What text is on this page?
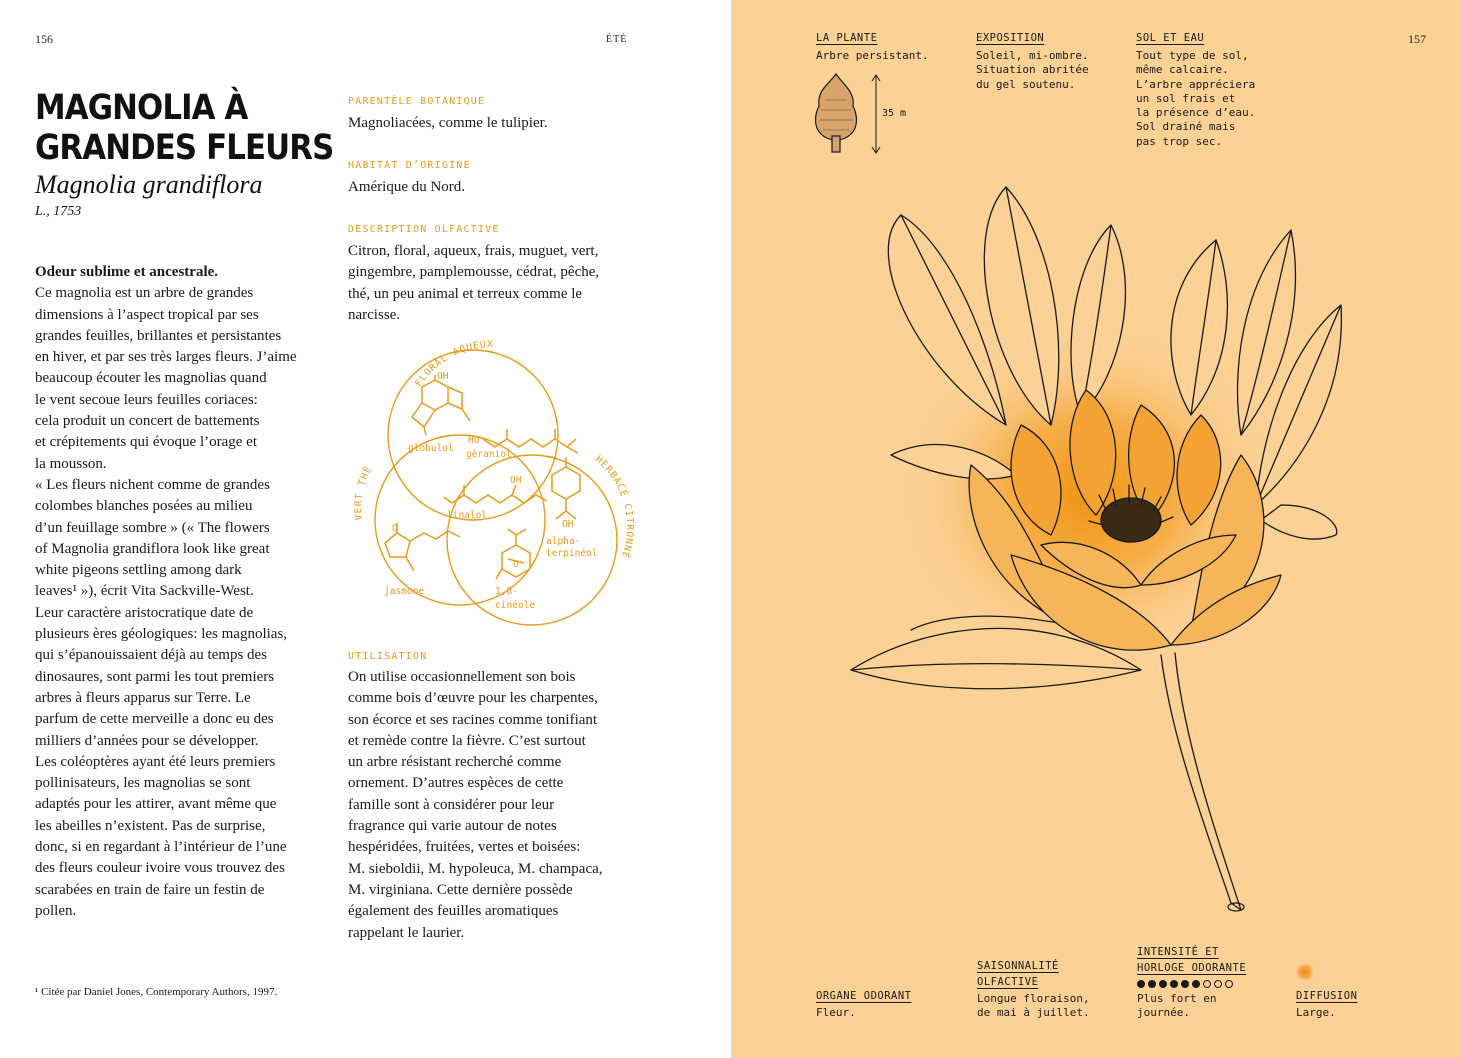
156	ÉTÉ
MAGNOLIA À
GRANDES FLEURS
Magnolia grandiflora
L., 1753
Odeur sublime et ancestrale.
Ce magnolia est un arbre de grandes
dimensions à l’aspect tropical par ses
grandes feuilles, brillantes et persistantes
en hiver, et par ses très larges fleurs. J’aime
beaucoup écouter les magnolias quand
le vent secoue leurs feuilles coriaces:
cela produit un concert de battements
et crépitements qui évoque l’orage et
la mousson.
« Les fleurs nichent comme de grandes
colombes blanches posées au milieu
d’un feuillage sombre » (« The flowers
of Magnolia grandiflora look like great
white pigeons settling among dark
leaves¹ »), écrit Vita Sackville-West.
Leur caractère aristocratique date de
plusieurs ères géologiques: les magnolias,
qui s’épanouissaient déjà au temps des
dinosaures, sont parmi les tout premiers
arbres à fleurs apparus sur Terre. Le
parfum de cette merveille a donc eu des
milliers d’années pour se développer.
Les coléoptères ayant été leurs premiers
pollinisateurs, les magnolias se sont
adaptés pour les attirer, avant même que
les abeilles n’existent. Pas de surprise,
donc, si en regardant à l’intérieur de l’une
des fleurs couleur ivoire vous trouvez des
scarabées en train de faire un festin de
pollen.
PARENTÈLE BOTANIQUE
Magnoliacées, comme le tulipier.
HABITAT D’ORIGINE
Amérique du Nord.
DESCRIPTION OLFACTIVE
Citron, floral, aqueux, frais, muguet, vert,
gingembre, pamplemousse, cédrat, pêche,
thé, un peu animal et terreux comme le
narcisse.
FLORAL AQUEUX
VERT THÉ
HERBACÉ CITRONNÉ
globulol
géraniol
linalol
alpha-
terpinéol
jasmone	1,8-
cinéole
OH
HO
OH
OH
O
O
UTILISATION
On utilise occasionnellement son bois
comme bois d’œuvre pour les charpentes,
son écorce et ses racines comme tonifiant
et remède contre la fièvre. C’est surtout
un arbre résistant recherché comme
ornement. D’autres espèces de cette
famille sont à considérer pour leur
fragrance qui varie autour de notes
hespéridées, fruitées, vertes et boisées:
M. sieboldii, M. hypoleuca, M. champaca,
M. virginiana. Cette dernière possède
également des feuilles aromatiques
rappelant le laurier.
¹ Citée par Daniel Jones, Contemporary Authors, 1997.
157
LA PLANTE
Arbre persistant.
35 m
EXPOSITION
Soleil, mi-ombre.
Situation abritée
du gel soutenu.
SOL ET EAU
Tout type de sol,
même calcaire.
L’arbre appréciera
un sol frais et
la présence d’eau.
Sol drainé mais
pas trop sec.
ORGANE ODORANT
Fleur.
SAISONNALITÉ
OLFACTIVE
Longue floraison,
de mai à juillet.
INTENSITÉ ET
HORLOGE ODORANTE
Plus fort en
journée.
DIFFUSION
Large.
